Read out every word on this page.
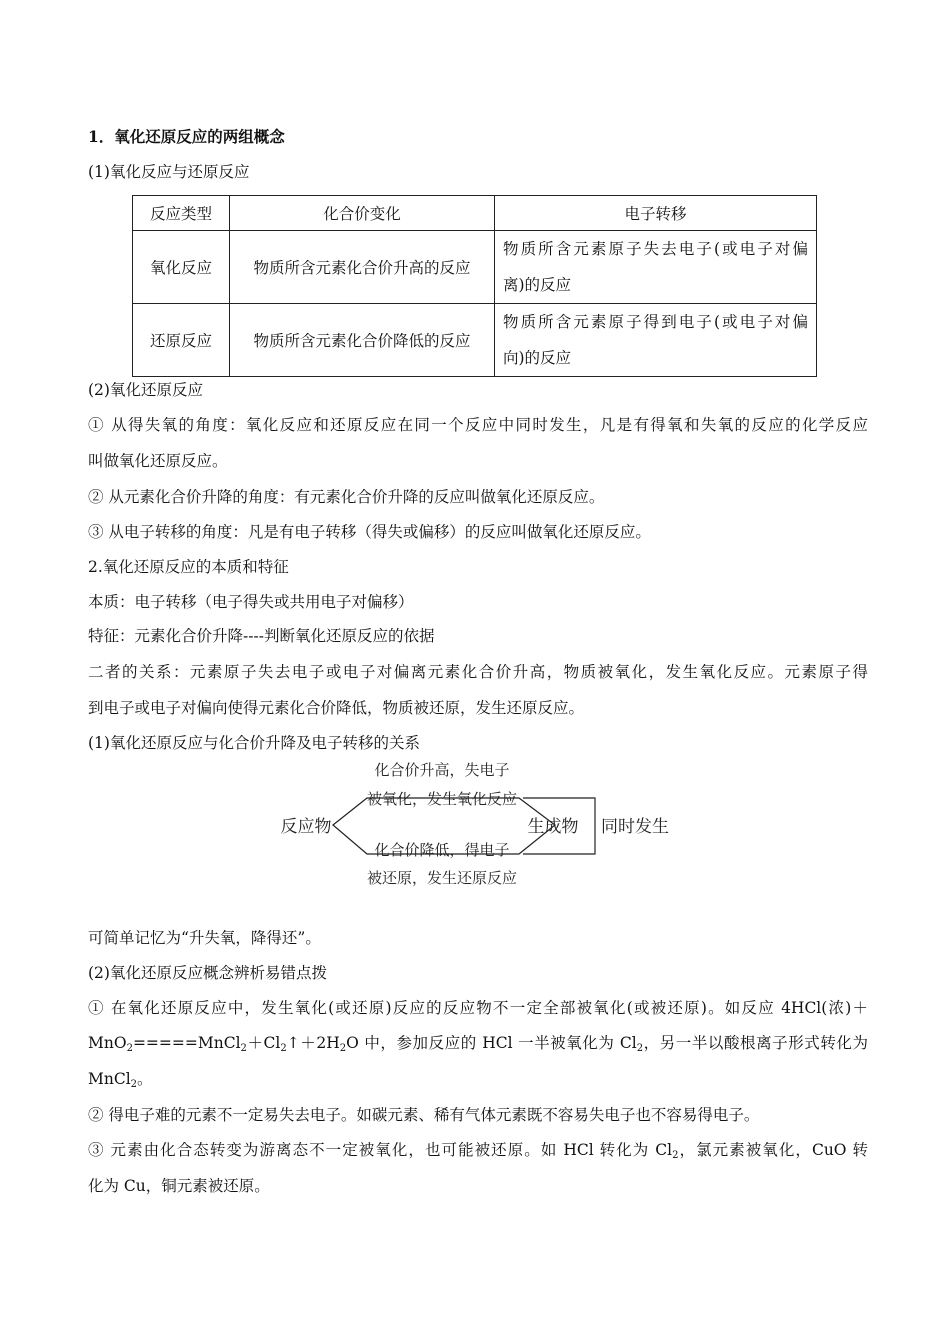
1．氧化还原反应的两组概念
(1)氧化反应与还原反应
反应类型	化合价变化	电子转移
氧化反应	物质所含元素化合价升高的反应	物质所含元素原子失去电子(或电子对偏
离)的反应

还原反应	物质所含元素化合价降低的反应	物质所含元素原子得到电子(或电子对偏
向)的反应
(2)氧化还原反应
① 从得失氧的角度：氧化反应和还原反应在同一个反应中同时发生，凡是有得氧和失氧的反应的化学反应
叫做氧化还原反应。
② 从元素化合价升降的角度：有元素化合价升降的反应叫做氧化还原反应。
③ 从电子转移的角度：凡是有电子转移（得失或偏移）的反应叫做氧化还原反应。
2.氧化还原反应的本质和特征
本质：电子转移（电子得失或共用电子对偏移）
特征：元素化合价升降----判断氧化还原反应的依据
二者的关系：元素原子失去电子或电子对偏离元素化合价升高，物质被氧化，发生氧化反应。元素原子得
到电子或电子对偏向使得元素化合价降低，物质被还原，发生还原反应。
(1)氧化还原反应与化合价升降及电子转移的关系
化合价升高，失电子
被氧化，发生氧化反应
化合价降低，得电子
被还原，发生还原反应
反应物	生成物 同时发生
可简单记忆为“升失氧，降得还”。
(2)氧化还原反应概念辨析易错点拨
① 在氧化还原反应中，发生氧化(或还原)反应的反应物不一定全部被氧化(或被还原)。如反应 4HCl(浓)＋
$MnO_2=====MnCl_2+Cl_2↑+2H_2O$ 中，参加反应的 HCl 一半被氧化为 $Cl_2$，另一半以酸根离子形式转化为
MnCl$_2$。
② 得电子难的元素不一定易失去电子。如碳元素、稀有气体元素既不容易失电子也不容易得电子。
③ 元素由化合态转变为游离态不一定被氧化，也可能被还原。如 HCl 转化为 $Cl_2$，氯元素被氧化，CuO 转
化为 Cu，铜元素被还原。
